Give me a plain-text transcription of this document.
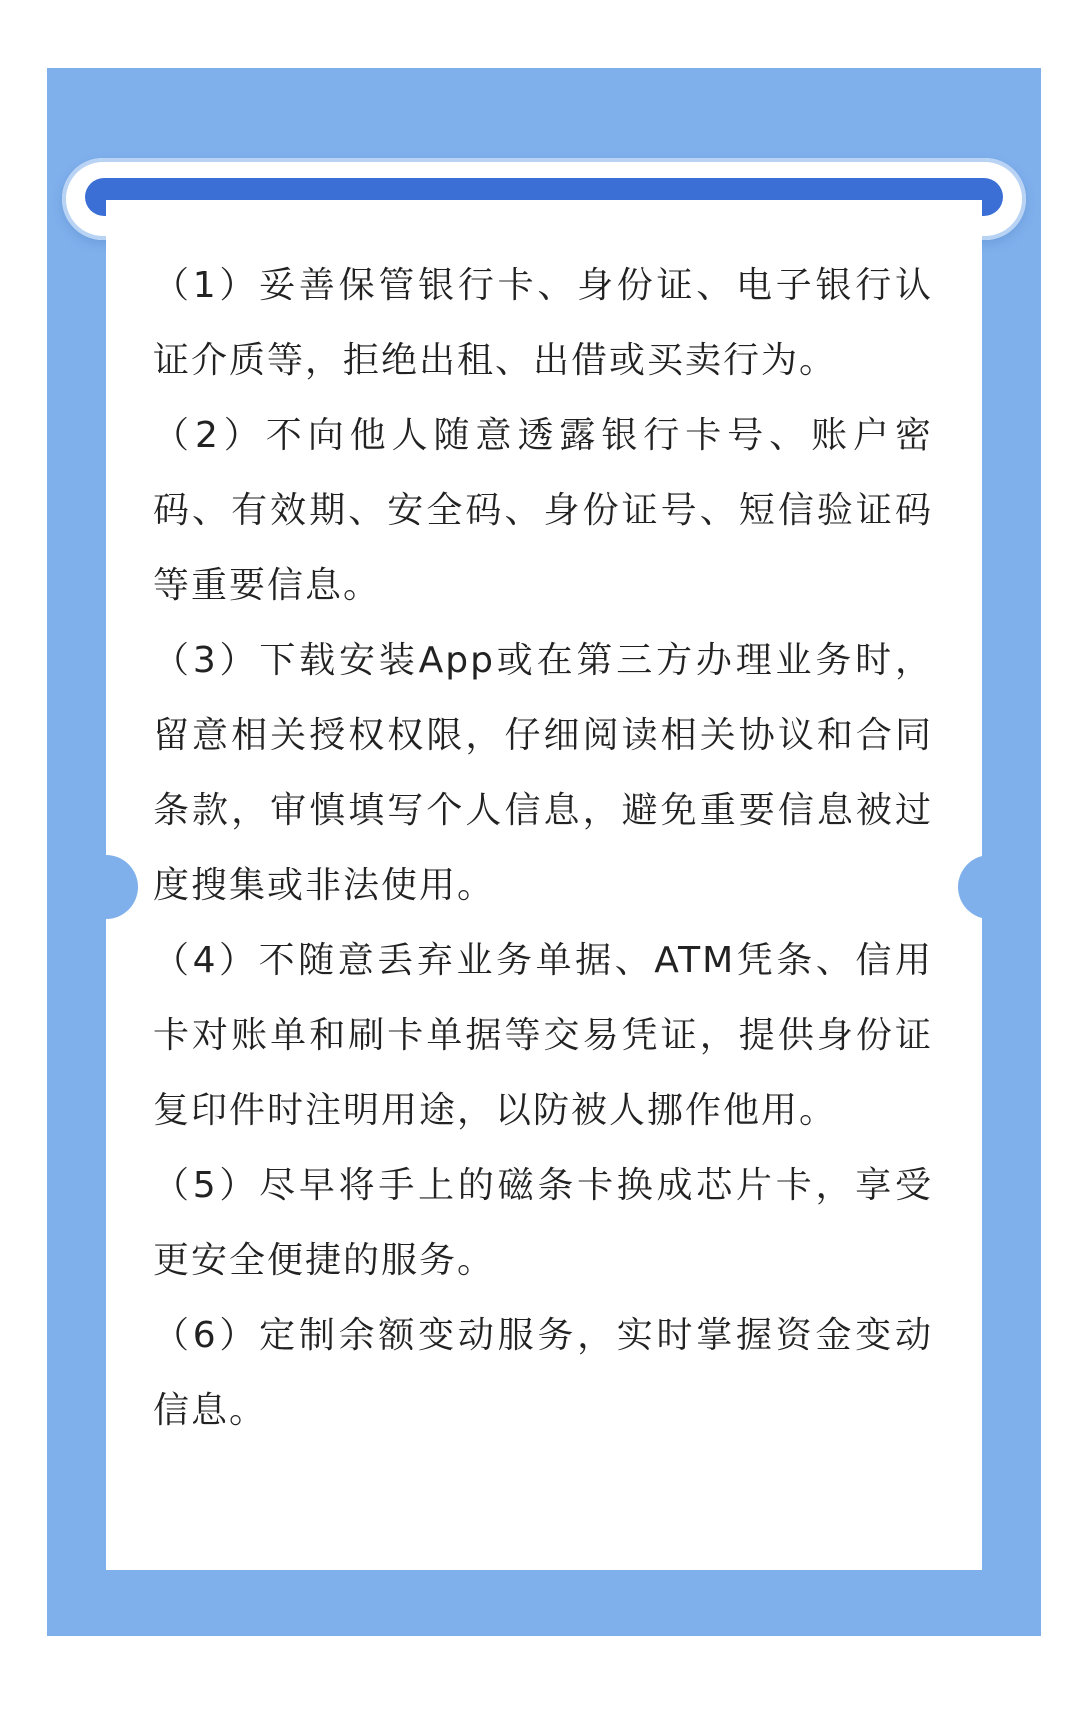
（1）妥善保管银行卡、身份证、电子银行认证介质等，拒绝出租、出借或买卖行为。

（2）不向他人随意透露银行卡号、账户密码、有效期、安全码、身份证号、短信验证码等重要信息。

（3）下载安装App或在第三方办理业务时，留意相关授权权限，仔细阅读相关协议和合同条款，审慎填写个人信息，避免重要信息被过度搜集或非法使用。

（4）不随意丢弃业务单据、ATM凭条、信用卡对账单和刷卡单据等交易凭证，提供身份证复印件时注明用途，以防被人挪作他用。

（5）尽早将手上的磁条卡换成芯片卡，享受更安全便捷的服务。

（6）定制余额变动服务，实时掌握资金变动信息。
